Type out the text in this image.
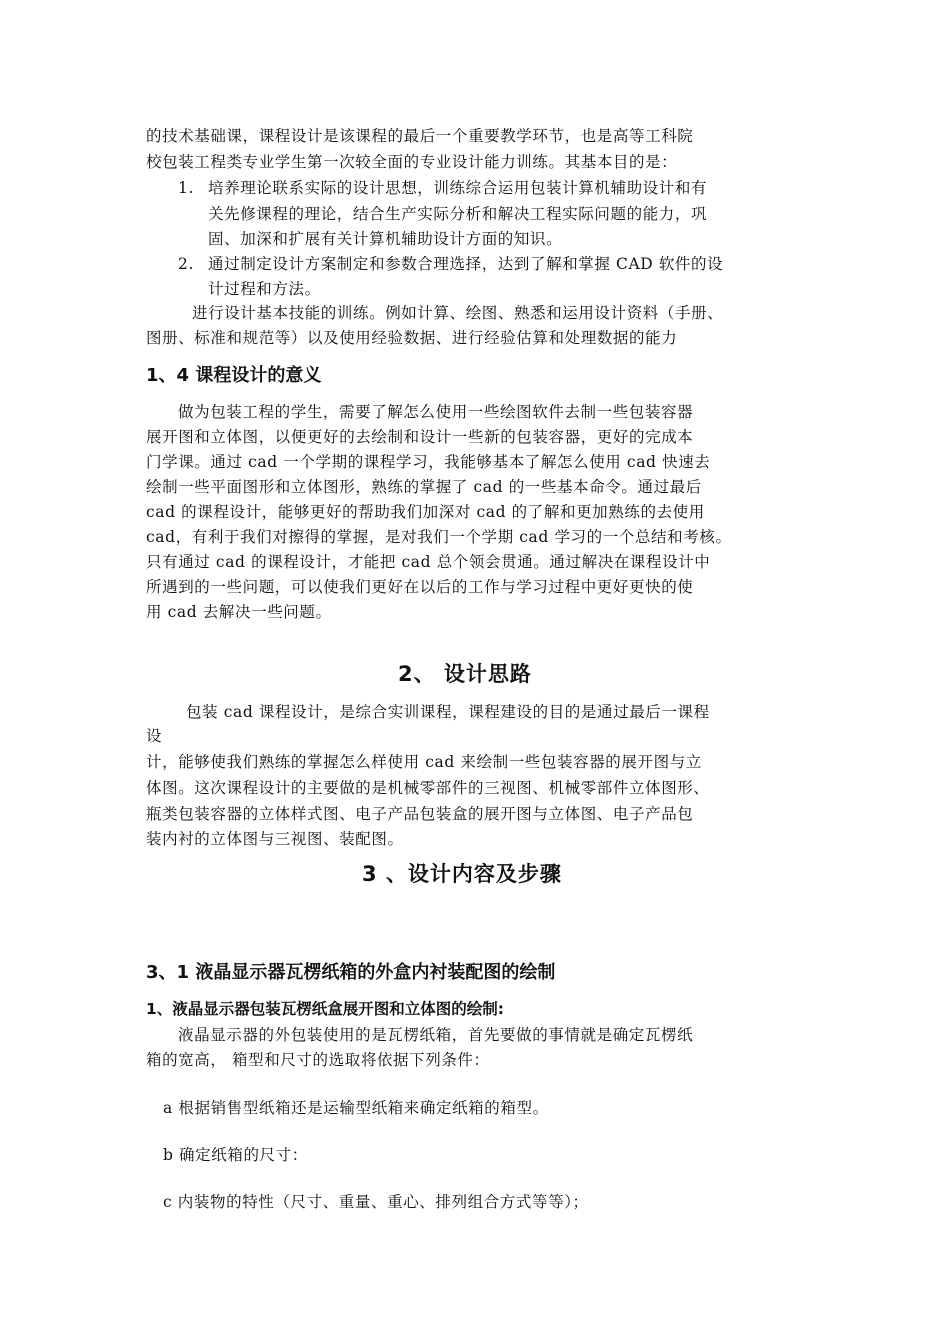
的技术基础课，课程设计是该课程的最后一个重要教学环节，也是高等工科院
校包装工程类专业学生第一次较全面的专业设计能力训练。其基本目的是：
1. 培养理论联系实际的设计思想，训练综合运用包装计算机辅助设计和有
关先修课程的理论，结合生产实际分析和解决工程实际问题的能力，巩
固、加深和扩展有关计算机辅助设计方面的知识。
2. 通过制定设计方案制定和参数合理选择，达到了解和掌握 CAD 软件的设
计过程和方法。
进行设计基本技能的训练。例如计算、绘图、熟悉和运用设计资料（手册、
图册、标准和规范等）以及使用经验数据、进行经验估算和处理数据的能力
1、4 课程设计的意义
做为包装工程的学生，需要了解怎么使用一些绘图软件去制一些包装容器
展开图和立体图，以便更好的去绘制和设计一些新的包装容器，更好的完成本
门学课。通过 cad 一个学期的课程学习，我能够基本了解怎么使用 cad 快速去
绘制一些平面图形和立体图形，熟练的掌握了 cad 的一些基本命令。通过最后
cad 的课程设计，能够更好的帮助我们加深对 cad 的了解和更加熟练的去使用
cad，有利于我们对擦得的掌握，是对我们一个学期 cad 学习的一个总结和考核。
只有通过 cad 的课程设计，才能把 cad 总个领会贯通。通过解决在课程设计中
所遇到的一些问题，可以使我们更好在以后的工作与学习过程中更好更快的使
用 cad 去解决一些问题。
2、 设计思路
包装 cad 课程设计，是综合实训课程，课程建设的目的是通过最后一课程
设
计，能够使我们熟练的掌握怎么样使用 cad 来绘制一些包装容器的展开图与立
体图。这次课程设计的主要做的是机械零部件的三视图、机械零部件立体图形、
瓶类包装容器的立体样式图、电子产品包装盒的展开图与立体图、电子产品包
装内衬的立体图与三视图、装配图。
3 、设计内容及步骤
3、1 液晶显示器瓦楞纸箱的外盒内衬装配图的绘制
1、液晶显示器包装瓦楞纸盒展开图和立体图的绘制:
液晶显示器的外包装使用的是瓦楞纸箱，首先要做的事情就是确定瓦楞纸
箱的宽高， 箱型和尺寸的选取将依据下列条件：
a 根据销售型纸箱还是运输型纸箱来确定纸箱的箱型。
b 确定纸箱的尺寸：
c 内装物的特性（尺寸、重量、重心、排列组合方式等等）；
